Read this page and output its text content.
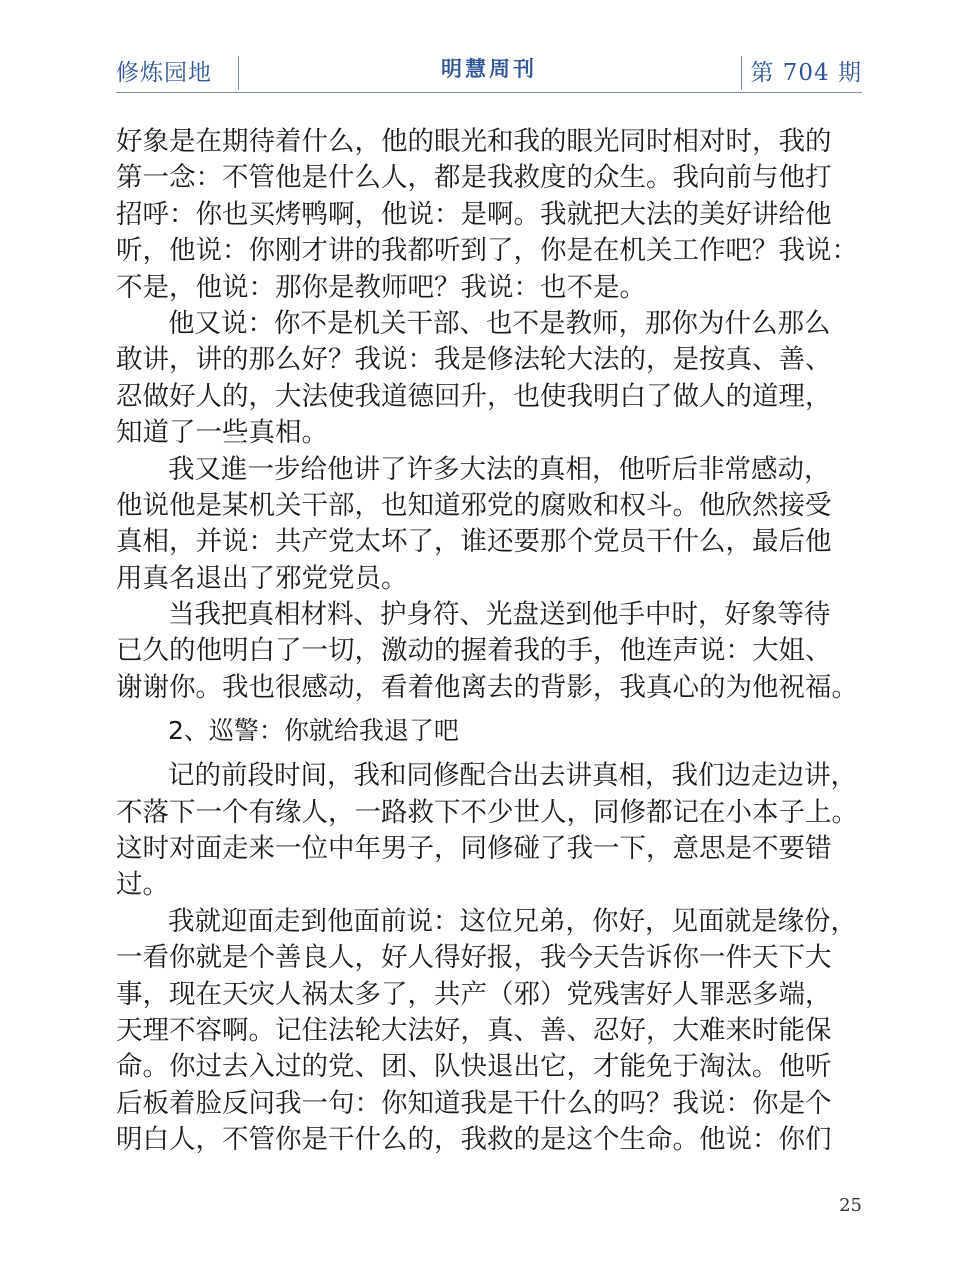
修炼园地	明慧周刊	第 704 期
好象是在期待着什么，他的眼光和我的眼光同时相对时，我的
第一念：不管他是什么人，都是我救度的众生。我向前与他打
招呼：你也买烤鸭啊，他说：是啊。我就把大法的美好讲给他
听，他说：你刚才讲的我都听到了，你是在机关工作吧？我说：
不是，他说：那你是教师吧？我说：也不是。
他又说：你不是机关干部、也不是教师，那你为什么那么
敢讲，讲的那么好？我说：我是修法轮大法的，是按真、善、
忍做好人的，大法使我道德回升，也使我明白了做人的道理，
知道了一些真相。
我又進一步给他讲了许多大法的真相，他听后非常感动，
他说他是某机关干部，也知道邪党的腐败和权斗。他欣然接受
真相，并说：共产党太坏了，谁还要那个党员干什么，最后他
用真名退出了邪党党员。
当我把真相材料、护身符、光盘送到他手中时，好象等待
已久的他明白了一切，激动的握着我的手，他连声说：大姐、
谢谢你。我也很感动，看着他离去的背影，我真心的为他祝福。
2、巡警：你就给我退了吧
记的前段时间，我和同修配合出去讲真相，我们边走边讲，
不落下一个有缘人，一路救下不少世人，同修都记在小本子上。
这时对面走来一位中年男子，同修碰了我一下，意思是不要错
过。
我就迎面走到他面前说：这位兄弟，你好，见面就是缘份，
一看你就是个善良人，好人得好报，我今天告诉你一件天下大
事，现在天灾人祸太多了，共产（邪）党残害好人罪恶多端，
天理不容啊。记住法轮大法好，真、善、忍好，大难来时能保
命。你过去入过的党、团、队快退出它，才能免于淘汰。他听
后板着脸反问我一句：你知道我是干什么的吗？我说：你是个
明白人，不管你是干什么的，我救的是这个生命。他说：你们
25
